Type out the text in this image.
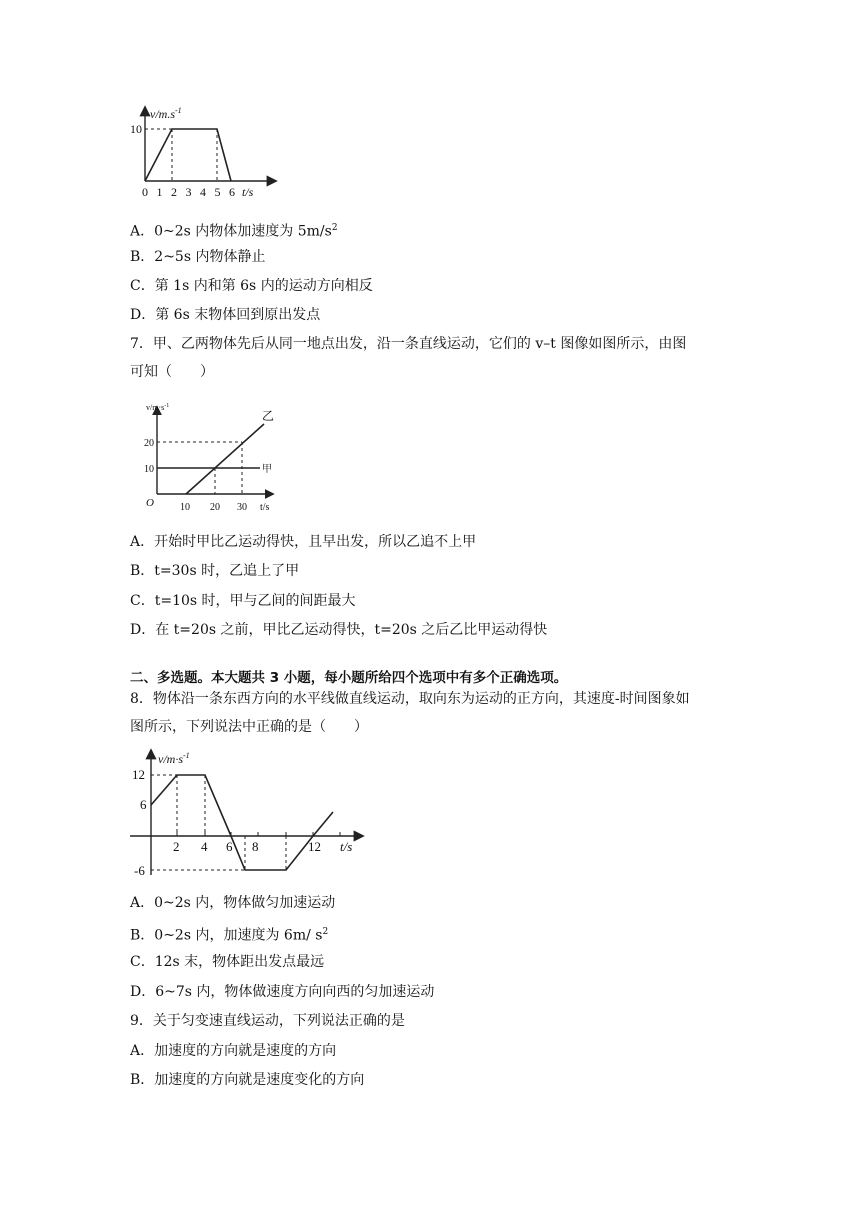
$v/m.s^{-1}$
t/s
10
0 1 2 3 4 5 6
A．0~2s 内物体加速度为 $5m/s^2$
B．2~5s 内物体静止
C．第 1s 内和第 6s 内的运动方向相反
D．第 6s 末物体回到原出发点
7．甲、乙两物体先后从同一地点出发，沿一条直线运动，它们的 v–t 图像如图所示，由图
可知（　　）
$v/m\cdot s^{-1}$
O	t/s
20
10
10 20 30
甲
乙
A．开始时甲比乙运动得快，且早出发，所以乙追不上甲
B．t=30s 时，乙追上了甲
C．t=10s 时，甲与乙间的间距最大
D．在 t=20s 之前，甲比乙运动得快，t=20s 之后乙比甲运动得快
二、多选题。本大题共 3 小题，每小题所给四个选项中有多个正确选项。
8．物体沿一条东西方向的水平线做直线运动，取向东为运动的正方向，其速度-时间图象如
图所示，下列说法中正确的是（　　）
$v/m\cdot s^{-1}$
t/s
12
6
-6
2 4 6 8	12
A．0~2s 内，物体做匀加速运动
B．0~2s 内，加速度为 6m/ $s^2$
C．12s 末，物体距出发点最远
D．6~7s 内，物体做速度方向向西的匀加速运动
9．关于匀变速直线运动，下列说法正确的是
A．加速度的方向就是速度的方向
B．加速度的方向就是速度变化的方向
